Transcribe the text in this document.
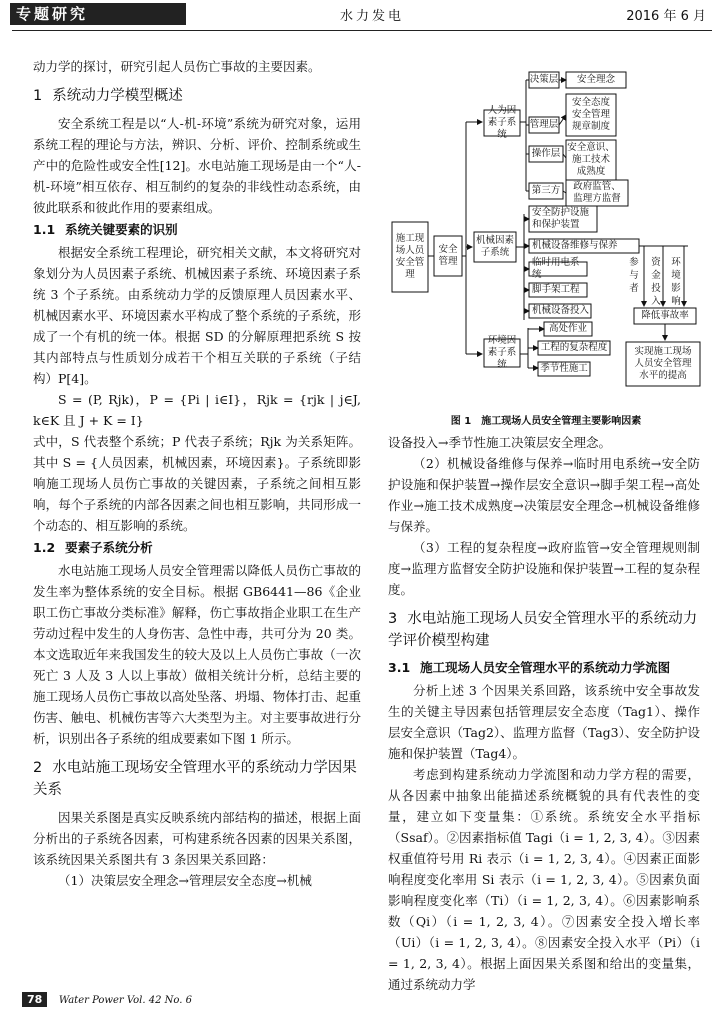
专题研究	水力发电	2016 年 6 月

动力学的探讨，研究引起人员伤亡事故的主要因素。

1 系统动力学模型概述

安全系统工程是以“人-机-环境”系统为研究对象，运用系统工程的理论与方法，辨识、分析、评价、控制系统或生产中的危险性或安全性[12]。水电站施工现场是由一个“人-机-环境”相互依存、相互制约的复杂的非线性动态系统，由彼此联系和彼此作用的要素组成。

1.1 系统关键要素的识别

根据安全系统工程理论，研究相关文献，本文将研究对象划分为人员因素子系统、机械因素子系统、环境因素子系统 3 个子系统。由系统动力学的反馈原理人员因素水平、机械因素水平、环境因素水平构成了整个系统的子系统，形成了一个有机的统一体。根据 SD 的分解原理把系统 S 按其内部特点与性质划分成若干个相互关联的子系统（子结构）P[4]。

S = (P, Rjk)，P = {Pi | i∈I}，Rjk = {rjk | j∈J, k∈K 且 J + K = I}

式中，S 代表整个系统；P 代表子系统；Rjk 为关系矩阵。其中 S = {人员因素，机械因素，环境因素}。子系统即影响施工现场人员伤亡事故的关键因素，子系统之间相互影响，每个子系统的内部各因素之间也相互影响，共同形成一个动态的、相互影响的系统。

1.2 要素子系统分析

水电站施工现场人员安全管理需以降低人员伤亡事故的发生率为整体系统的安全目标。根据 GB6441—86《企业职工伤亡事故分类标准》解释，伤亡事故指企业职工在生产劳动过程中发生的人身伤害、急性中毒，共可分为 20 类。本文选取近年来我国发生的较大及以上人员伤亡事故（一次死亡 3 人及 3 人以上事故）做相关统计分析，总结主要的施工现场人员伤亡事故以高处坠落、坍塌、物体打击、起重伤害、触电、机械伤害等六大类型为主。对主要事故进行分析，识别出各子系统的组成要素如下图 1 所示。

2 水电站施工现场安全管理水平的系统动力学因果关系

因果关系图是真实反映系统内部结构的描述，根据上面分析出的子系统各因素，可构建系统各因素的因果关系图，该系统因果关系图共有 3 条因果关系回路：

（1）决策层安全理念→管理层安全态度→机械

施工现场人员安全管理
安全管理
人为因素子系统
机械因素子系统
环境因素子系统
决策层
管理层
操作层
第三方
安全理念
安全态度
安全管理
规章制度
安全意识、
施工技术
成熟度
政府监管、
监理方监督
安全防护设施
和保护装置
机械设备维修与保养
临时用电系统
脚手架工程
机械设备投入
高处作业
工程的复杂程度
季节性施工
参与者
资金投入
环境影响
降低事故率
实现施工现场
人员安全管理
水平的提高
图 1　施工现场人员安全管理主要影响因素

设备投入→季节性施工决策层安全理念。

（2）机械设备维修与保养→临时用电系统→安全防护设施和保护装置→操作层安全意识→脚手架工程→高处作业→施工技术成熟度→决策层安全理念→机械设备维修与保养。

（3）工程的复杂程度→政府监管→安全管理规则制度→监理方监督安全防护设施和保护装置→工程的复杂程度。

3 水电站施工现场人员安全管理水平的系统动力学评价模型构建
3.1 施工现场人员安全管理水平的系统动力学流图

分析上述 3 个因果关系回路，该系统中安全事故发生的关键主导因素包括管理层安全态度（Tag1）、操作层安全意识（Tag2）、监理方监督（Tag3）、安全防护设施和保护装置（Tag4）。

考虑到构建系统动力学流图和动力学方程的需要，从各因素中抽象出能描述系统概貌的具有代表性的变量，建立如下变量集：①系统。系统安全水平指标（Ssaf）。②因素指标值 Tagi（i = 1, 2, 3, 4）。③因素权重值符号用 Ri 表示（i = 1, 2, 3, 4）。④因素正面影响程度变化率用 Si 表示（i = 1, 2, 3, 4）。⑤因素负面影响程度变化率（Ti）（i = 1, 2, 3, 4）。⑥因素影响系数（Qi）（i = 1, 2, 3, 4）。⑦因素安全投入增长率（Ui）（i = 1, 2, 3, 4）。⑧因素安全投入水平（Pi）（i = 1, 2, 3, 4）。根据上面因果关系图和给出的变量集，通过系统动力学

78 Water Power Vol. 42 No. 6
